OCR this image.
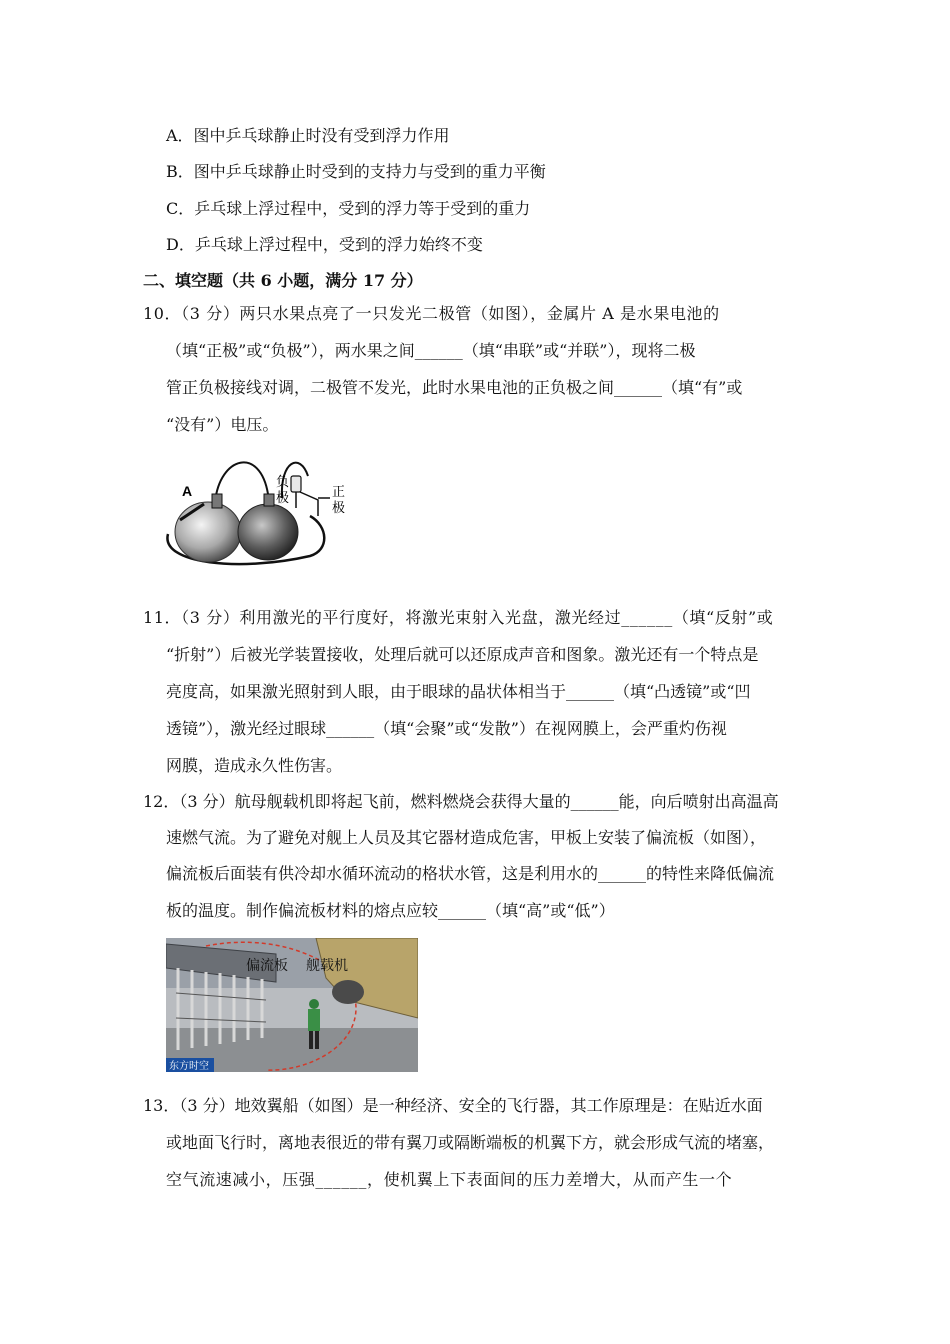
A．图中乒乓球静止时没有受到浮力作用
B．图中乒乓球静止时受到的支持力与受到的重力平衡
C．乒乓球上浮过程中，受到的浮力等于受到的重力
D．乒乓球上浮过程中，受到的浮力始终不变
二、填空题（共 6 小题，满分 17 分）
10．（3 分）两只水果点亮了一只发光二极管（如图），金属片 A 是水果电池的
（填“正极”或“负极”），两水果之间______（填“串联”或“并联”），现将二极
管正负极接线对调，二极管不发光，此时水果电池的正负极之间______（填“有”或
“没有”）电压。
A
负
极	正
极
11．（3 分）利用激光的平行度好，将激光束射入光盘，激光经过______（填“反射”或
“折射”）后被光学装置接收，处理后就可以还原成声音和图象。激光还有一个特点是
亮度高，如果激光照射到人眼，由于眼球的晶状体相当于______（填“凸透镜”或“凹
透镜”），激光经过眼球______（填“会聚”或“发散”）在视网膜上，会严重灼伤视
网膜，造成永久性伤害。
12．（3 分）航母舰载机即将起飞前，燃料燃烧会获得大量的______能，向后喷射出高温高
速燃气流。为了避免对舰上人员及其它器材造成危害，甲板上安装了偏流板（如图），
偏流板后面装有供冷却水循环流动的格状水管，这是利用水的______的特性来降低偏流
板的温度。制作偏流板材料的熔点应较______（填“高”或“低”）
偏流板 舰载机
东方时空
13．（3 分）地效翼船（如图）是一种经济、安全的飞行器，其工作原理是：在贴近水面
或地面飞行时，离地表很近的带有翼刀或隔断端板的机翼下方，就会形成气流的堵塞，
空气流速减小，压强______，使机翼上下表面间的压力差增大，从而产生一个
